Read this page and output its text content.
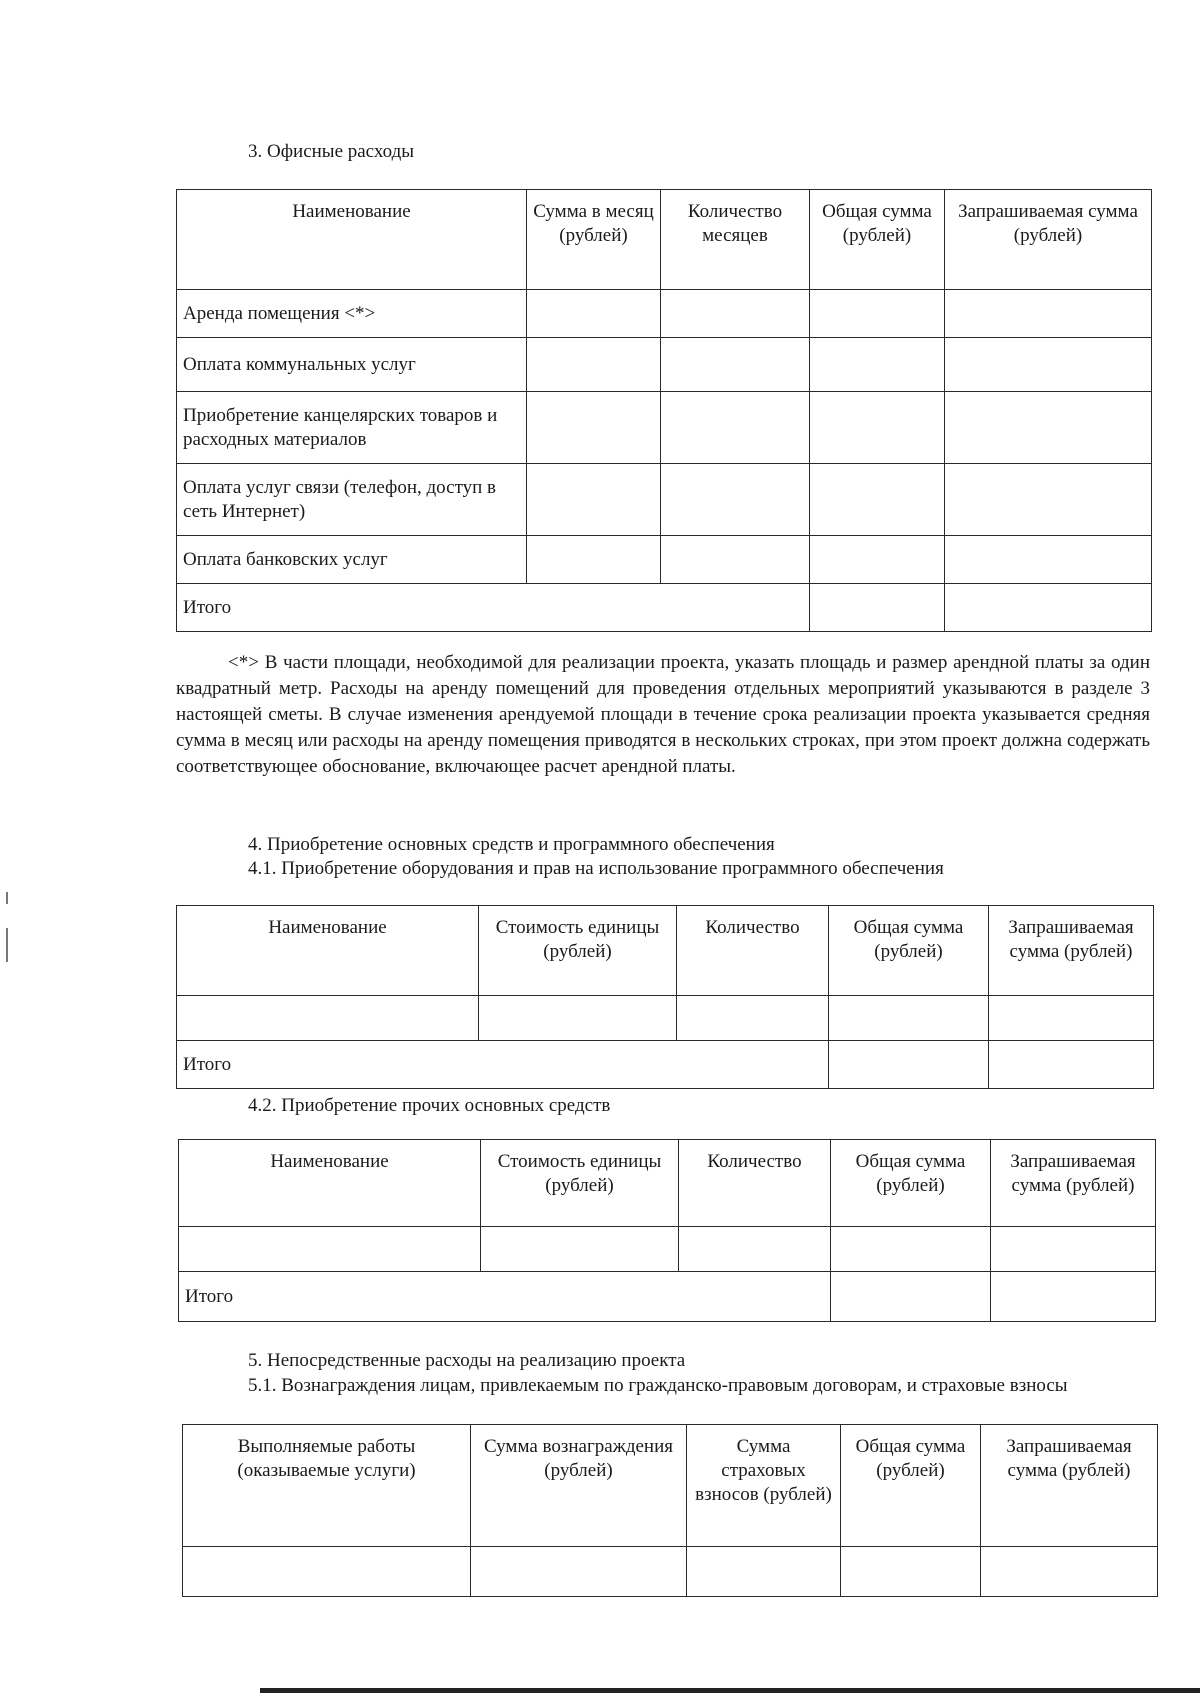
3. Офисные расходы
Наименование	Сумма в месяц (рублей)	Количество месяцев	Общая сумма (рублей)	Запрашиваемая сумма (рублей)
Аренда помещения <*>				
Оплата коммунальных услуг				
Приобретение канцелярских товаров и расходных материалов				
Оплата услуг связи (телефон, доступ в сеть Интернет)				
Оплата банковских услуг				
Итого				
<*> В части площади, необходимой для реализации проекта, указать площадь и размер арендной платы за один квадратный метр. Расходы на аренду помещений для проведения отдельных мероприятий указываются в разделе 3 настоящей сметы. В случае изменения арендуемой площади в течение срока реализации проекта указывается средняя сумма в месяц или расходы на аренду помещения приводятся в нескольких строках, при этом проект должна содержать соответствующее обоснование, включающее расчет арендной платы.
4. Приобретение основных средств и программного обеспечения
4.1. Приобретение оборудования и прав на использование программного обеспечения
Наименование	Стоимость единицы (рублей)	Количество	Общая сумма (рублей)	Запрашиваемая сумма (рублей)

Итого				
4.2. Приобретение прочих основных средств
Наименование	Стоимость единицы (рублей)	Количество	Общая сумма (рублей)	Запрашиваемая сумма (рублей)

Итого				
5. Непосредственные расходы на реализацию проекта
5.1. Вознаграждения лицам, привлекаемым по гражданско-правовым договорам, и страховые взносы
Выполняемые работы (оказываемые услуги)	Сумма вознаграждения (рублей)	Сумма страховых взносов (рублей)	Общая сумма (рублей)	Запрашиваемая сумма (рублей)
